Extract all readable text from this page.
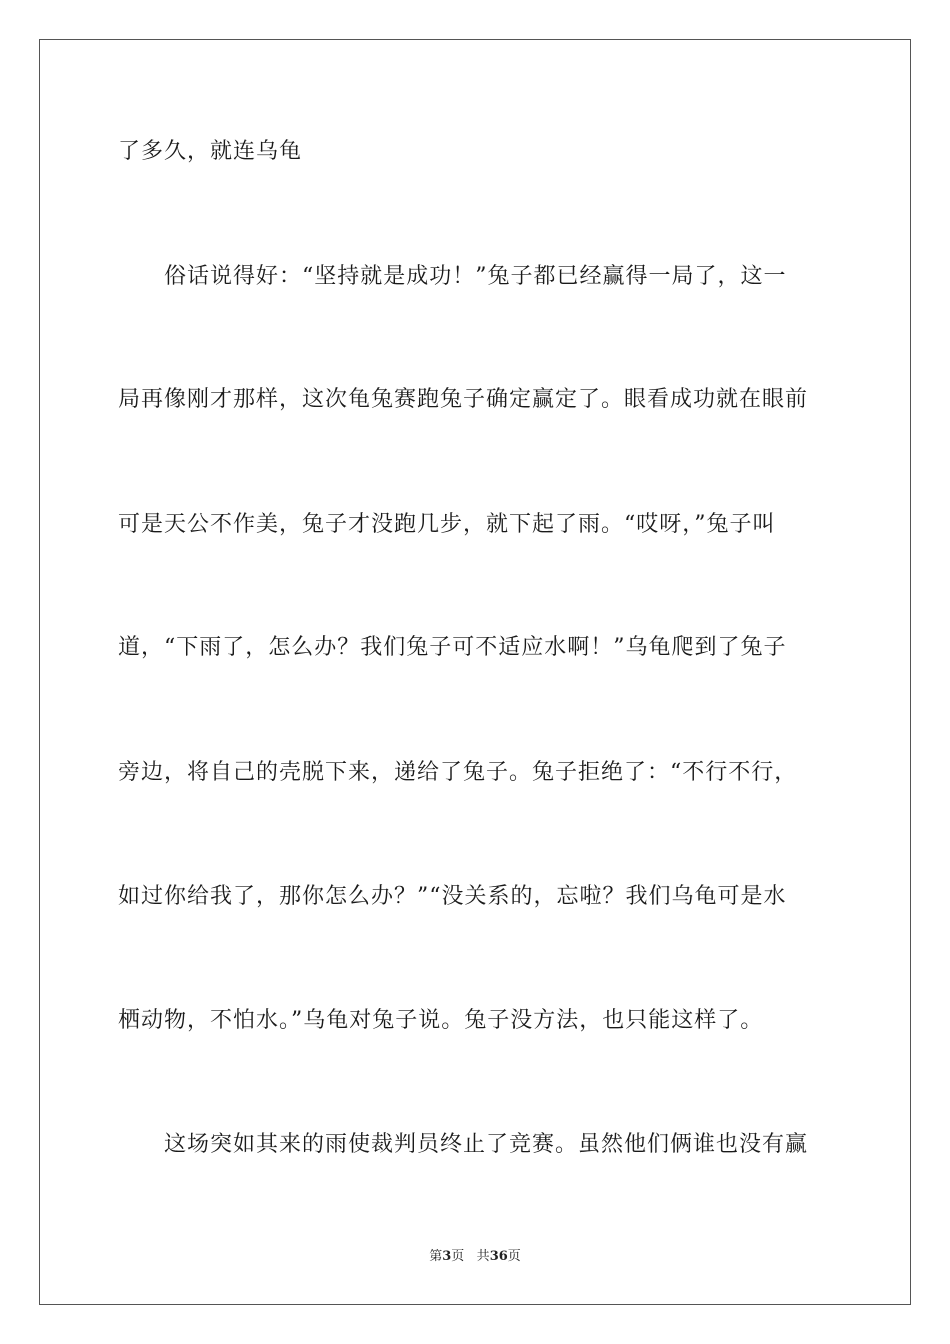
了多久，就连乌龟
俗话说得好：“坚持就是成功！”兔子都已经赢得一局了，这一
局再像刚才那样，这次龟兔赛跑兔子确定赢定了。眼看成功就在眼前
可是天公不作美，兔子才没跑几步，就下起了雨。“哎呀，”兔子叫
道，“下雨了，怎么办？我们兔子可不适应水啊！”乌龟爬到了兔子
旁边，将自己的壳脱下来，递给了兔子。兔子拒绝了：“不行不行，
如过你给我了，那你怎么办？”“没关系的，忘啦？我们乌龟可是水
栖动物，不怕水。”乌龟对兔子说。兔子没方法，也只能这样了。
这场突如其来的雨使裁判员终止了竞赛。虽然他们俩谁也没有赢
第3页 共36页
